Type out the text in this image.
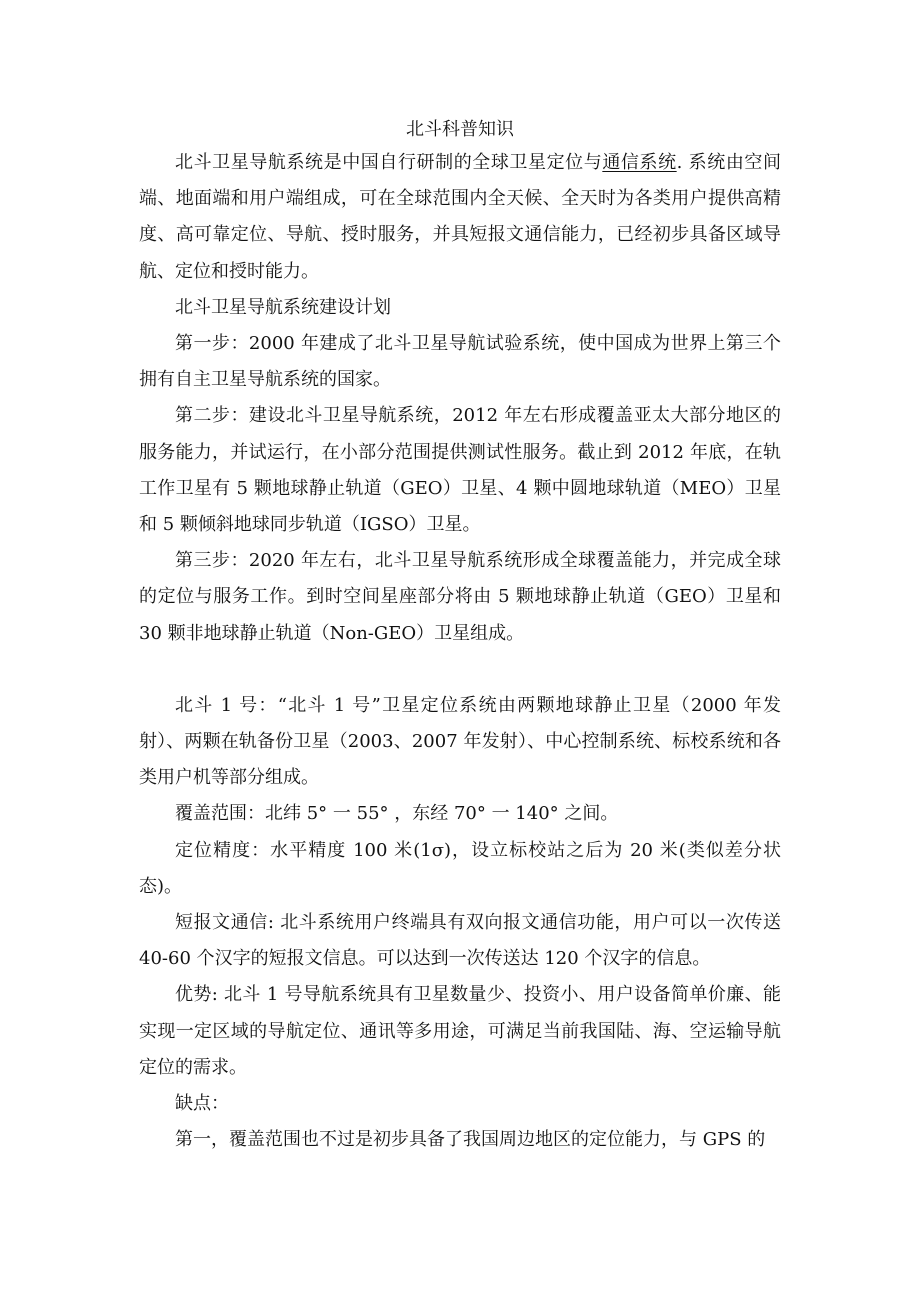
北斗科普知识

北斗卫星导航系统是中国自行研制的全球卫星定位与通信系统. 系统由空间端、地面端和用户端组成，可在全球范围内全天候、全天时为各类用户提供高精度、高可靠定位、导航、授时服务，并具短报文通信能力，已经初步具备区域导航、定位和授时能力。

北斗卫星导航系统建设计划

第一步：2000 年建成了北斗卫星导航试验系统，使中国成为世界上第三个拥有自主卫星导航系统的国家。

第二步：建设北斗卫星导航系统，2012 年左右形成覆盖亚太大部分地区的服务能力，并试运行，在小部分范围提供测试性服务。截止到 2012 年底，在轨工作卫星有 5 颗地球静止轨道（GEO）卫星、4 颗中圆地球轨道（MEO）卫星和 5 颗倾斜地球同步轨道（IGSO）卫星。

第三步：2020 年左右，北斗卫星导航系统形成全球覆盖能力，并完成全球的定位与服务工作。到时空间星座部分将由 5 颗地球静止轨道（GEO）卫星和 30 颗非地球静止轨道（Non-GEO）卫星组成。

北斗 1 号：“北斗 1 号”卫星定位系统由两颗地球静止卫星（2000 年发射）、两颗在轨备份卫星（2003、2007 年发射）、中心控制系统、标校系统和各类用户机等部分组成。

覆盖范围：北纬 5° 一 55° ，东经 70° 一 140° 之间。

定位精度：水平精度 100 米(1σ)，设立标校站之后为 20 米(类似差分状态)。

短报文通信: 北斗系统用户终端具有双向报文通信功能，用户可以一次传送 40-60 个汉字的短报文信息。可以达到一次传送达 120 个汉字的信息。

优势: 北斗 1 号导航系统具有卫星数量少、投资小、用户设备简单价廉、能实现一定区域的导航定位、通讯等多用途，可满足当前我国陆、海、空运输导航定位的需求。

缺点：

第一，覆盖范围也不过是初步具备了我国周边地区的定位能力，与 GPS 的
